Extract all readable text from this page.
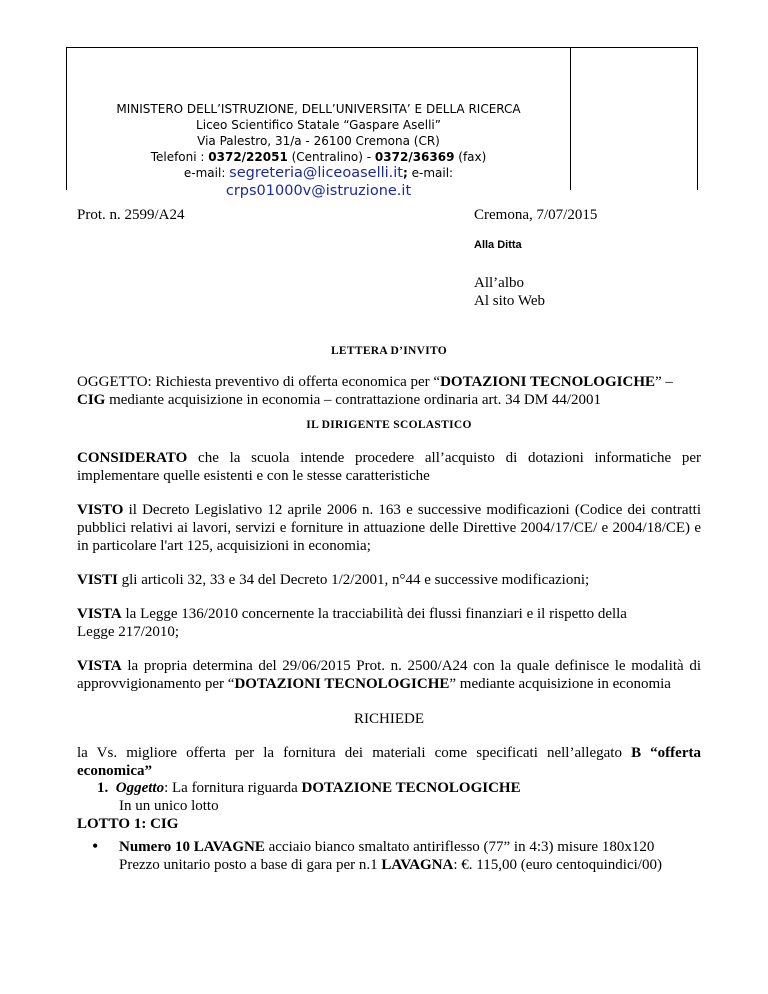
MINISTERO DELL’ISTRUZIONE, DELL’UNIVERSITA’ E DELLA RICERCA
Liceo Scientifico Statale “Gaspare Aselli”
Via Palestro, 31/a - 26100 Cremona (CR)
Telefoni : 0372/22051 (Centralino) - 0372/36369 (fax)
e-mail: segreteria@liceoaselli.it; e-mail:
crps01000v@istruzione.it
Prot. n. 2599/A24	Cremona, 7/07/2015
Alla Ditta
All’albo
Al sito Web
LETTERA D’INVITO
OGGETTO: Richiesta preventivo di offerta economica per “DOTAZIONI TECNOLOGICHE” –
CIG mediante acquisizione in economia – contrattazione ordinaria art. 34 DM 44/2001
IL DIRIGENTE SCOLASTICO
CONSIDERATO che la scuola intende procedere all’acquisto di dotazioni informatiche per implementare quelle esistenti e con le stesse caratteristiche
VISTO il Decreto Legislativo 12 aprile 2006 n. 163 e successive modificazioni (Codice dei contratti pubblici relativi ai lavori, servizi e forniture in attuazione delle Direttive 2004/17/CE/ e 2004/18/CE) e in particolare l'art 125, acquisizioni in economia;
VISTI gli articoli 32, 33 e 34 del Decreto 1/2/2001, n°44 e successive modificazioni;
VISTA la Legge 136/2010 concernente la tracciabilità dei flussi finanziari e il rispetto della
Legge 217/2010;
VISTA la propria determina del 29/06/2015 Prot. n. 2500/A24 con la quale definisce le modalità di approvvigionamento per “DOTAZIONI TECNOLOGICHE” mediante acquisizione in economia
RICHIEDE
la Vs. migliore offerta per la fornitura dei materiali come specificati nell’allegato B “offerta economica”
1. Oggetto: La fornitura riguarda DOTAZIONE TECNOLOGICHE
In un unico lotto
LOTTO 1: CIG
• Numero 10 LAVAGNE acciaio bianco smaltato antiriflesso (77” in 4:3) misure 180x120
Prezzo unitario posto a base di gara per n.1 LAVAGNA: €. 115,00 (euro centoquindici/00)
